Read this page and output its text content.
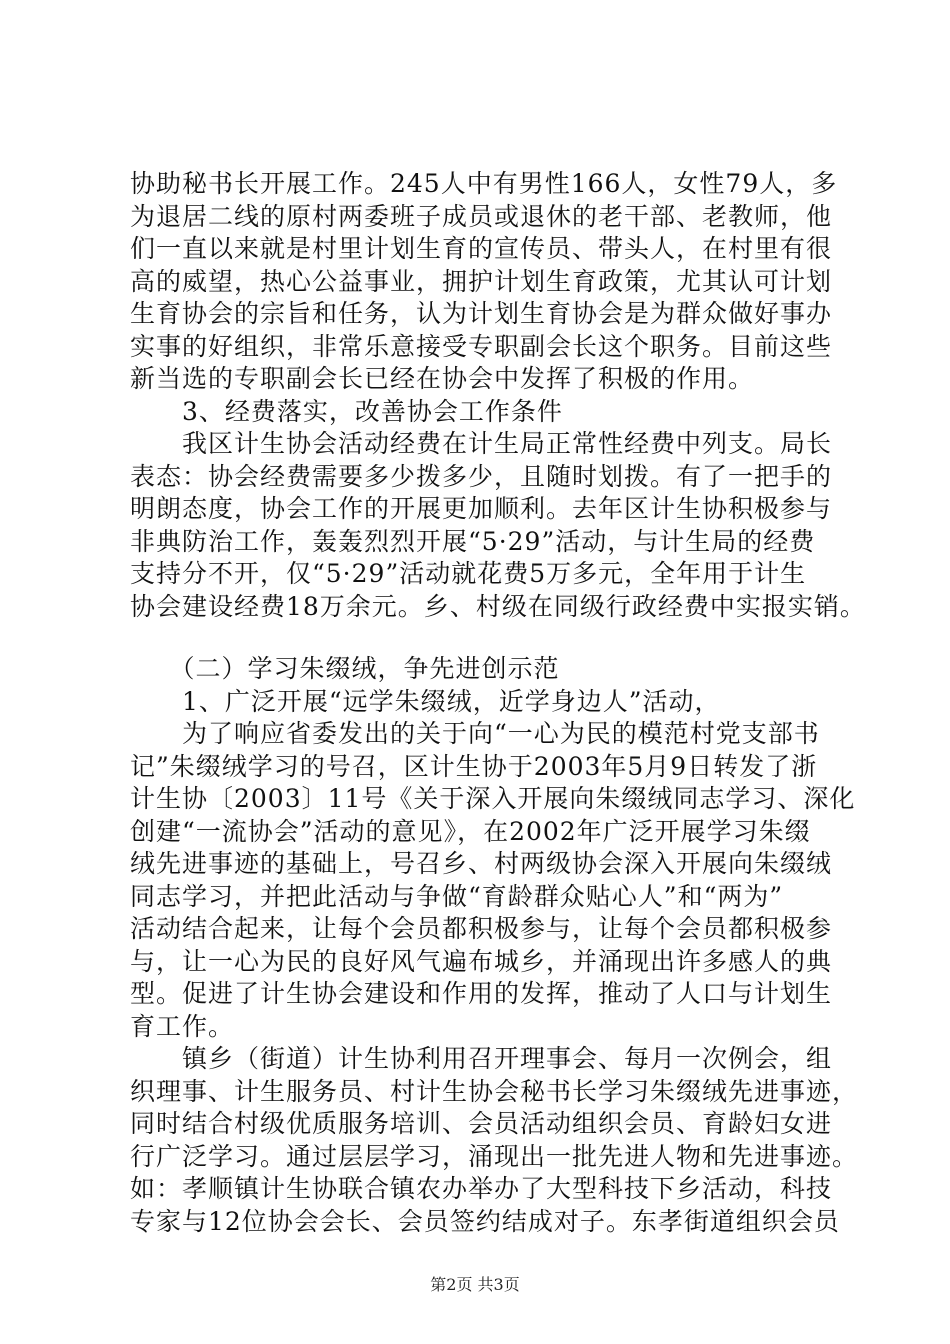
协助秘书长开展工作。245人中有男性166人，女性79人，多
为退居二线的原村两委班子成员或退休的老干部、老教师，他
们一直以来就是村里计划生育的宣传员、带头人，在村里有很
高的威望，热心公益事业，拥护计划生育政策，尤其认可计划
生育协会的宗旨和任务，认为计划生育协会是为群众做好事办
实事的好组织，非常乐意接受专职副会长这个职务。目前这些
新当选的专职副会长已经在协会中发挥了积极的作用。
　　3、经费落实，改善协会工作条件
　　我区计生协会活动经费在计生局正常性经费中列支。局长
表态：协会经费需要多少拨多少，且随时划拨。有了一把手的
明朗态度，协会工作的开展更加顺利。去年区计生协积极参与
非典防治工作，轰轰烈烈开展“5·29”活动，与计生局的经费
支持分不开，仅“5·29”活动就花费5万多元，全年用于计生
协会建设经费18万余元。乡、村级在同级行政经费中实报实销。
　　（二）学习朱缀绒，争先进创示范
　　1、广泛开展“远学朱缀绒，近学身边人”活动，
　　为了响应省委发出的关于向“一心为民的模范村党支部书
记”朱缀绒学习的号召，区计生协于2003年5月9日转发了浙
计生协〔2003〕11号《关于深入开展向朱缀绒同志学习、深化
创建“一流协会”活动的意见》，在2002年广泛开展学习朱缀
绒先进事迹的基础上，号召乡、村两级协会深入开展向朱缀绒
同志学习，并把此活动与争做“育龄群众贴心人”和“两为”
活动结合起来，让每个会员都积极参与，让每个会员都积极参
与，让一心为民的良好风气遍布城乡，并涌现出许多感人的典
型。促进了计生协会建设和作用的发挥，推动了人口与计划生
育工作。
　　镇乡（街道）计生协利用召开理事会、每月一次例会，组
织理事、计生服务员、村计生协会秘书长学习朱缀绒先进事迹，
同时结合村级优质服务培训、会员活动组织会员、育龄妇女进
行广泛学习。通过层层学习，涌现出一批先进人物和先进事迹。
如：孝顺镇计生协联合镇农办举办了大型科技下乡活动，科技
专家与12位协会会长、会员签约结成对子。东孝街道组织会员
第2页 共3页
